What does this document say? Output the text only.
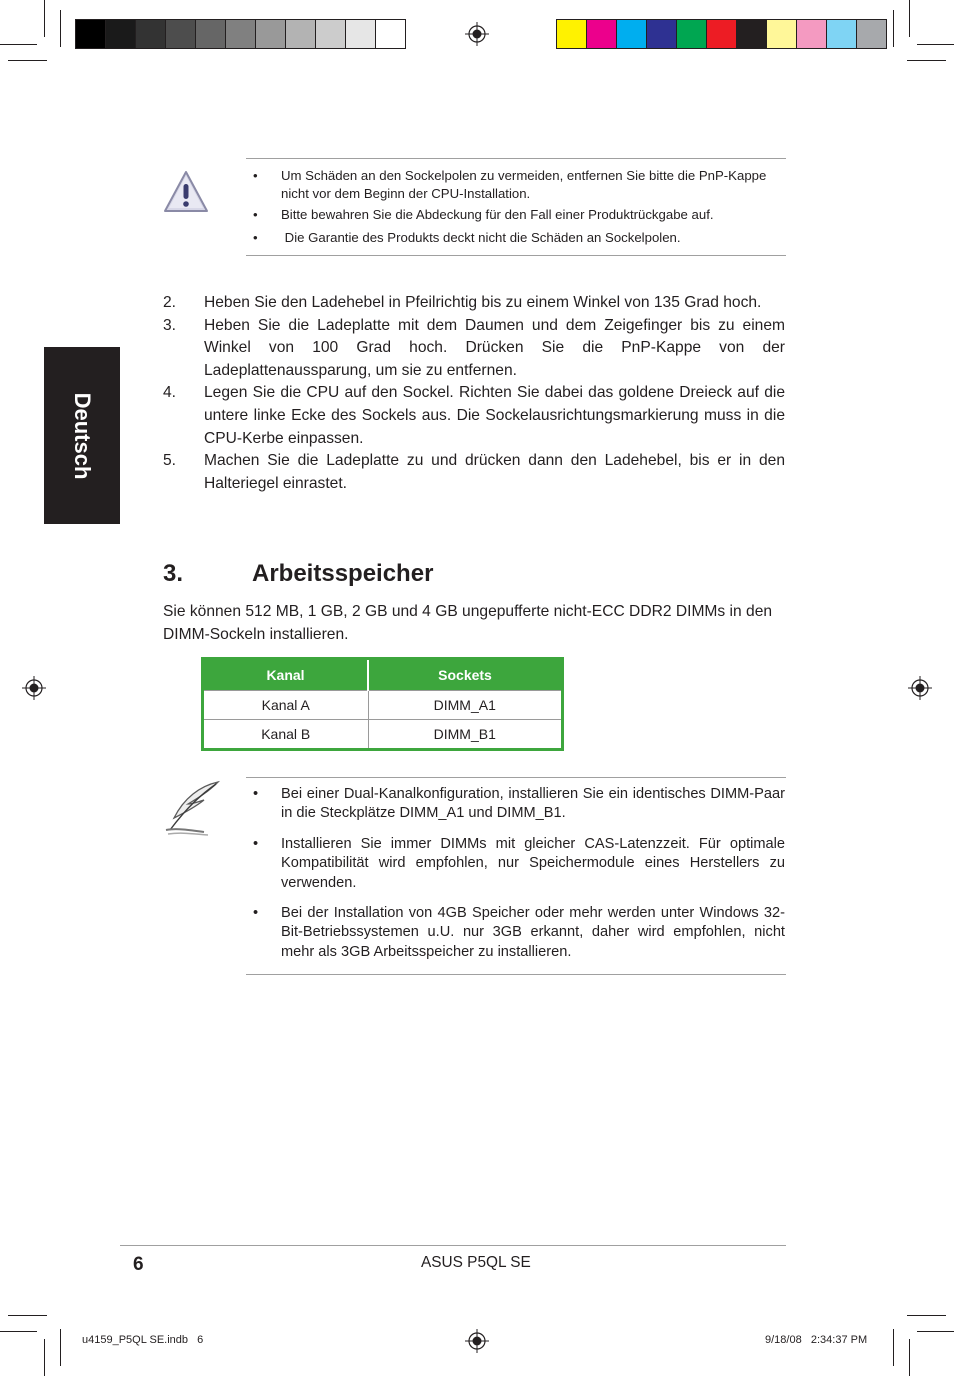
Deutsch
• Um Schäden an den Sockelpolen zu vermeiden, entfernen Sie bitte die PnP-Kappe nicht vor dem Beginn der CPU-Installation.
• Bitte bewahren Sie die Abdeckung für den Fall einer Produktrückgabe auf.
• Die Garantie des Produkts deckt nicht die Schäden an Sockelpolen.
2. Heben Sie den Ladehebel in Pfeilrichtig bis zu einem Winkel von 135 Grad hoch.
3. Heben Sie die Ladeplatte mit dem Daumen und dem Zeigefinger bis zu einem Winkel von 100 Grad hoch. Drücken Sie die PnP-Kappe von der Ladeplattenaussparung, um sie zu entfernen.
4. Legen Sie die CPU auf den Sockel. Richten Sie dabei das goldene Dreieck auf die untere linke Ecke des Sockels aus. Die Sockelausrichtungsmarkierung muss in die CPU-Kerbe einpassen.
5. Machen Sie die Ladeplatte zu und drücken dann den Ladehebel, bis er in den Halteriegel einrastet.
3.	Arbeitsspeicher
Sie können 512 MB, 1 GB, 2 GB und 4 GB ungepufferte nicht-ECC DDR2 DIMMs in den DIMM-Sockeln installieren.
Kanal	Sockets
Kanal A	DIMM_A1
Kanal B	DIMM_B1
• Bei einer Dual-Kanalkonfiguration, installieren Sie ein identisches DIMM-Paar in die Steckplätze DIMM_A1 und DIMM_B1.
• Installieren Sie immer DIMMs mit gleicher CAS-Latenzzeit. Für optimale Kompatibilität wird empfohlen, nur Speichermodule eines Herstellers zu verwenden.
• Bei der Installation von 4GB Speicher oder mehr werden unter Windows 32-Bit-Betriebssystemen u.U. nur 3GB erkannt, daher wird empfohlen, nicht mehr als 3GB Arbeitsspeicher zu installieren.
6	ASUS P5QL SE
u4159_P5QL SE.indb   6	9/18/08   2:34:37 PM
